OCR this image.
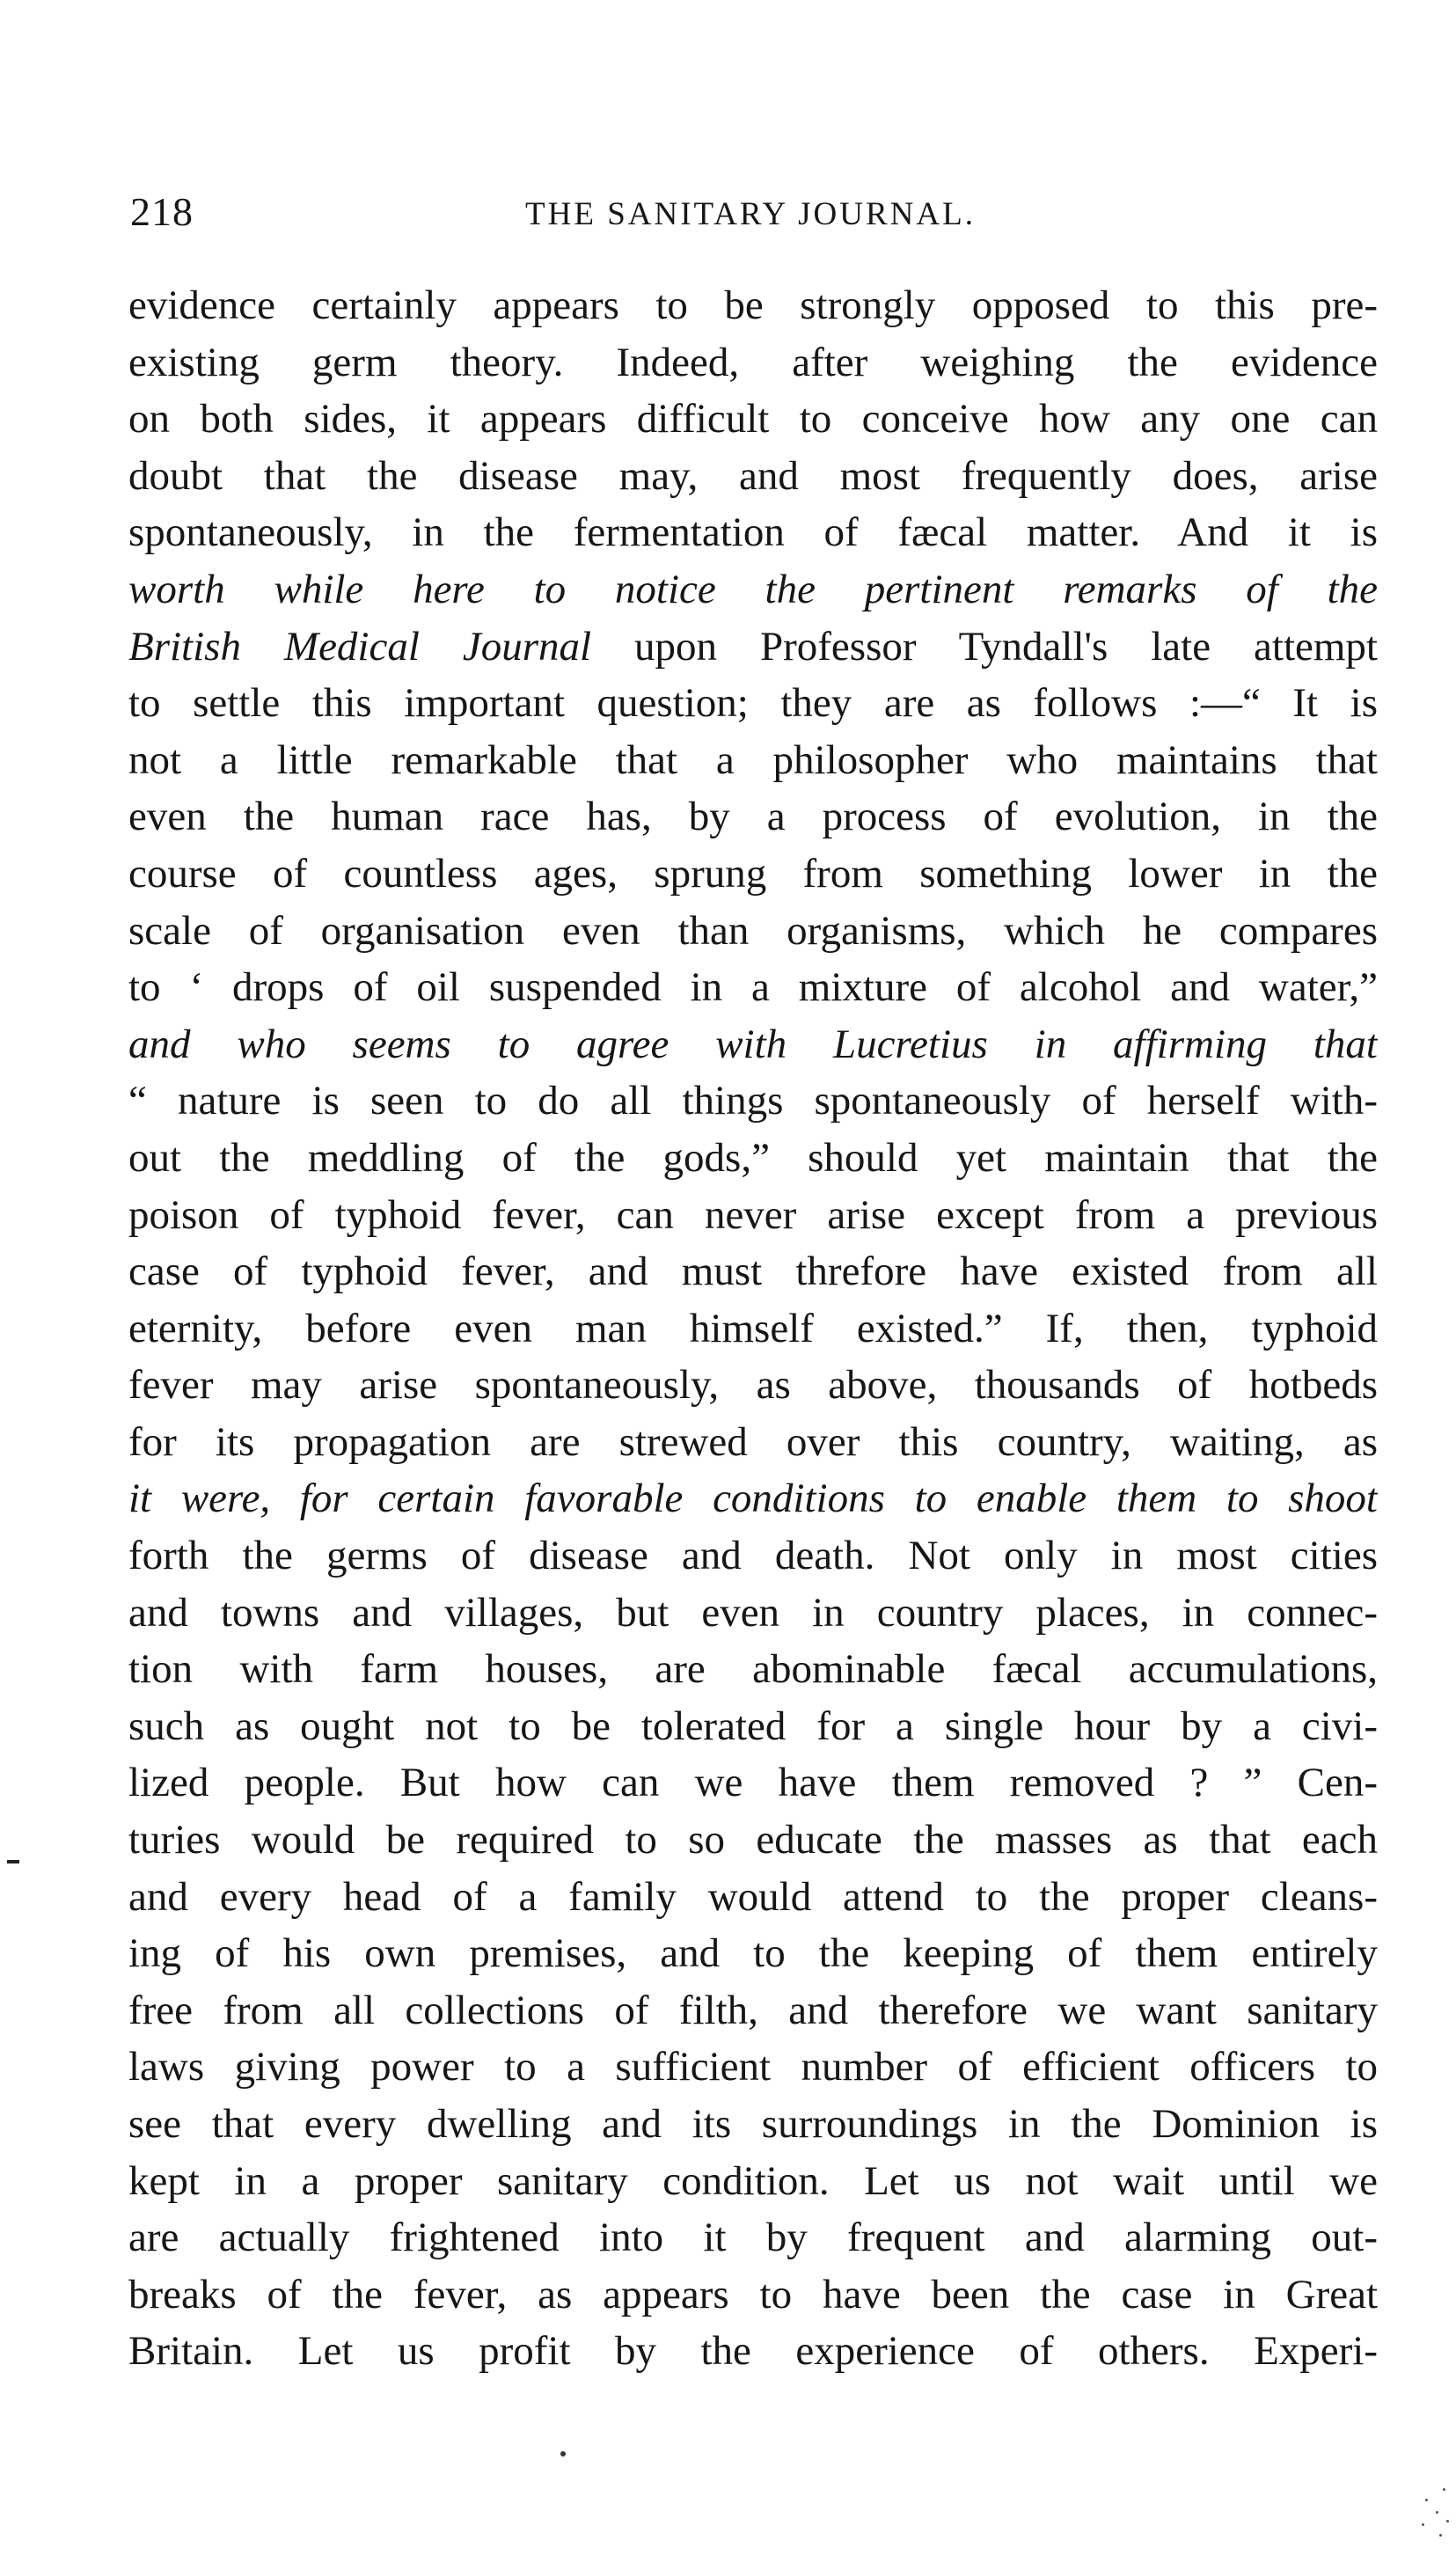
218	THE SANITARY JOURNAL.
evidence certainly appears to be strongly opposed to this pre-
existing germ theory. Indeed, after weighing the evidence
on both sides, it appears difficult to conceive how any one can
doubt that the disease may, and most frequently does, arise
spontaneously, in the fermentation of fæcal matter. And it is
worth while here to notice the pertinent remarks of the
British Medical Journal upon Professor Tyndall's late attempt
to settle this important question; they are as follows :—“ It is
not a little remarkable that a philosopher who maintains that
even the human race has, by a process of evolution, in the
course of countless ages, sprung from something lower in the
scale of organisation even than organisms, which he compares
to ‘ drops of oil suspended in a mixture of alcohol and water,”
and who seems to agree with Lucretius in affirming that
“ nature is seen to do all things spontaneously of herself with-
out the meddling of the gods,” should yet maintain that the
poison of typhoid fever, can never arise except from a previous
case of typhoid fever, and must threfore have existed from all
eternity, before even man himself existed.” If, then, typhoid
fever may arise spontaneously, as above, thousands of hotbeds
for its propagation are strewed over this country, waiting, as
it were, for certain favorable conditions to enable them to shoot
forth the germs of disease and death. Not only in most cities
and towns and villages, but even in country places, in connec-
tion with farm houses, are abominable fæcal accumulations,
such as ought not to be tolerated for a single hour by a civi-
lized people. But how can we have them removed ? ” Cen-
turies would be required to so educate the masses as that each
and every head of a family would attend to the proper cleans-
ing of his own premises, and to the keeping of them entirely
free from all collections of filth, and therefore we want sanitary
laws giving power to a sufficient number of efficient officers to
see that every dwelling and its surroundings in the Dominion is
kept in a proper sanitary condition. Let us not wait until we
are actually frightened into it by frequent and alarming out-
breaks of the fever, as appears to have been the case in Great
Britain. Let us profit by the experience of others. Experi-
